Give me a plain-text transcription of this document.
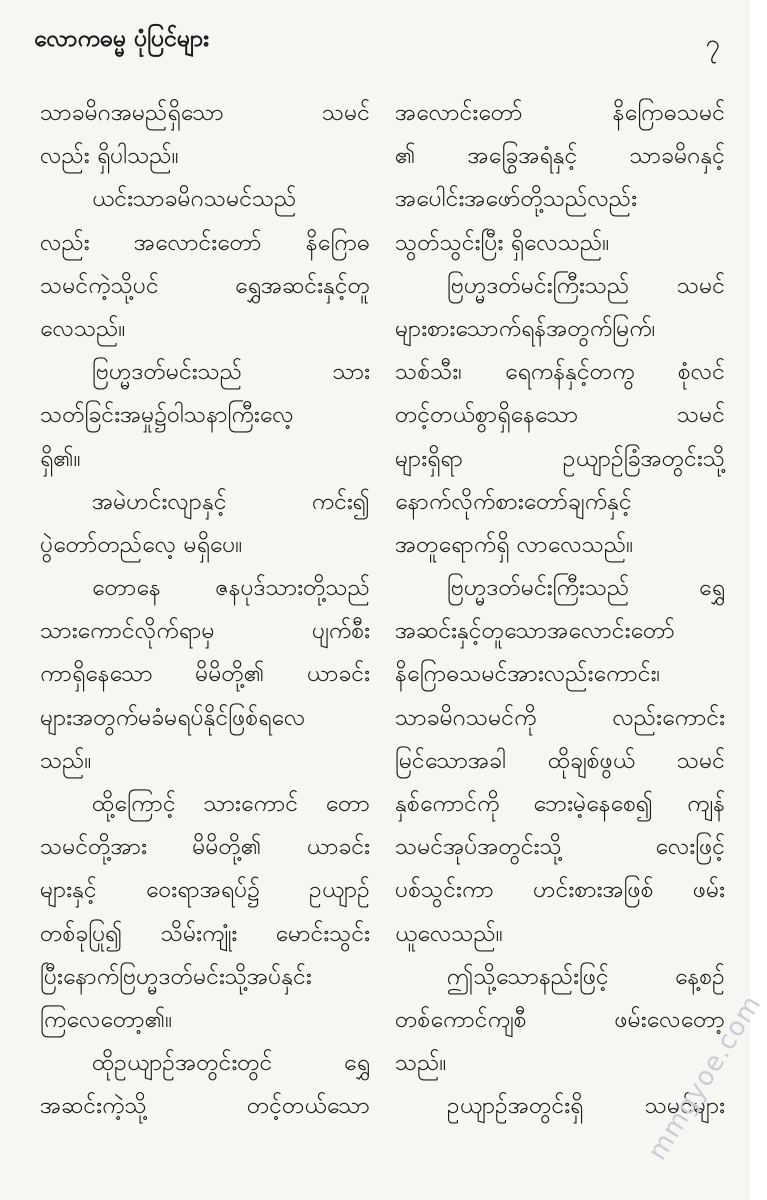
လောကဓမ္မ ပုံပြင်များ	၇
သာခမိဂအမည်ရှိသော သမင်
လည်း ရှိပါသည်။
ယင်းသာခမိဂသမင်သည်
လည်း အလောင်းတော် နိဂြောဓ
သမင်ကဲ့သို့ပင် ရွှေအဆင်းနှင့်တူ
လေသည်။
ဗြဟ္မဒတ်မင်းသည် သား
သတ်ခြင်းအမှု၌ဝါသနာကြီးလေ့
ရှိ၏။
အမဲဟင်းလျာနှင့် ကင်း၍
ပွဲတော်တည်လေ့ မရှိပေ။
တောနေ ဇနပုဒ်သားတို့သည်
သားကောင်လိုက်ရာမှ ပျက်စီး
ကာရှိနေသော မိမိတို့၏ ယာခင်း
များအတွက်မခံမရပ်နိုင်ဖြစ်ရလေ
သည်။
ထို့ကြောင့် သားကောင် တော
သမင်တို့အား မိမိတို့၏ ယာခင်း
များနှင့် ဝေးရာအရပ်၌ ဥယျာဉ်
တစ်ခုပြု၍ သိမ်းကျုံး မောင်းသွင်း
ပြီးနောက်ဗြဟ္မဒတ်မင်းသို့အပ်နှင်း
ကြလေတော့၏။
ထိုဥယျာဉ်အတွင်းတွင် ရွှေ
အဆင်းကဲ့သို့ တင့်တယ်သော
အလောင်းတော် နိဂြောဓသမင်
၏ အခြွေအရံနှင့် သာခမိဂနှင့်
အပေါင်းအဖော်တို့သည်လည်း
သွတ်သွင်းပြီး ရှိလေသည်။
ဗြဟ္မဒတ်မင်းကြီးသည် သမင်
များစားသောက်ရန်အတွက်မြက်၊
သစ်သီး၊ ရေကန်နှင့်တကွ စုံလင်
တင့်တယ်စွာရှိနေသော သမင်
များရှိရာ ဥယျာဉ်ခြံအတွင်းသို့
နောက်လိုက်စားတော်ချက်နှင့်
အတူရောက်ရှိ လာလေသည်။
ဗြဟ္မဒတ်မင်းကြီးသည် ရွှေ
အဆင်းနှင့်တူသောအလောင်းတော်
နိဂြောဓသမင်အားလည်းကောင်း၊
သာခမိဂသမင်ကို လည်းကောင်း
မြင်သောအခါ ထိုချစ်ဖွယ် သမင်
နှစ်ကောင်ကို ဘေးမဲ့နေစေ၍ ကျန်
သမင်အုပ်အတွင်းသို့ လေးဖြင့်
ပစ်သွင်းကာ ဟင်းစားအဖြစ် ဖမ်း
ယူလေသည်။
ဤသို့သောနည်းဖြင့် နေ့စဉ်
တစ်ကောင်ကျစီ ဖမ်းလေတော့
သည်။
ဥယျာဉ်အတွင်းရှိ သမင်များ
mmgyoe.com
